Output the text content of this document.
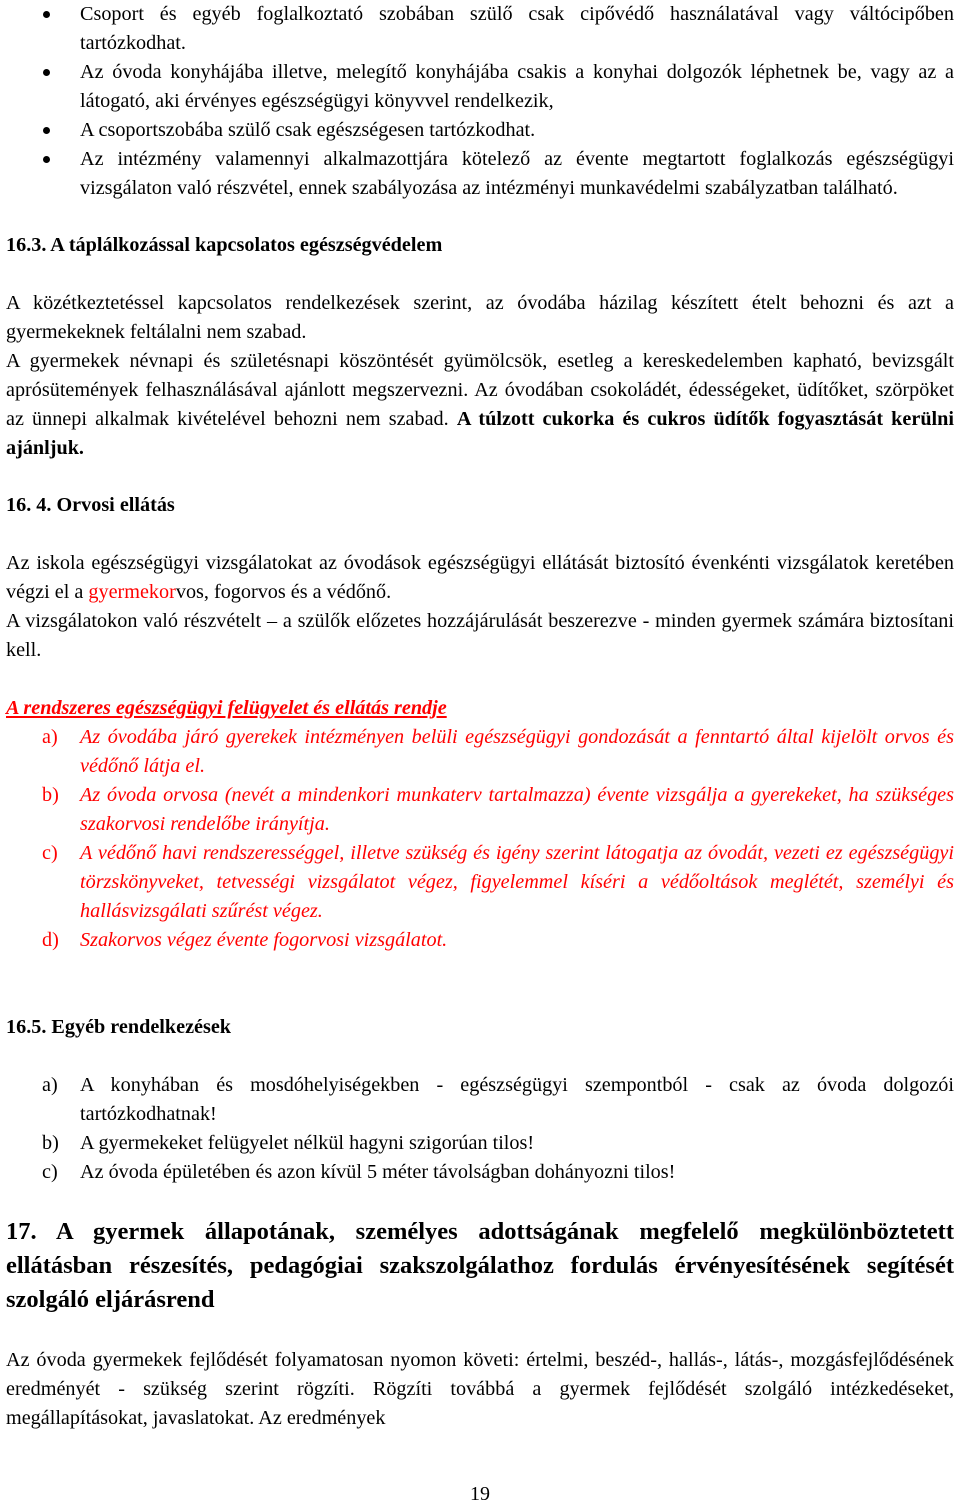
Csoport és egyéb foglalkoztató szobában szülő csak cipővédő használatával vagy váltócipőben tartózkodhat.
Az óvoda konyhájába illetve, melegítő konyhájába csakis a konyhai dolgozók léphetnek be, vagy az a látogató, aki érvényes egészségügyi könyvvel rendelkezik,
A csoportszobába szülő csak egészségesen tartózkodhat.
Az intézmény valamennyi alkalmazottjára kötelező az évente megtartott foglalkozás egészségügyi vizsgálaton való részvétel, ennek szabályozása az intézményi munkavédelmi szabályzatban található.

16.3. A táplálkozással kapcsolatos egészségvédelem

A közétkeztetéssel kapcsolatos rendelkezések szerint, az óvodába házilag készített ételt behozni és azt a gyermekeknek feltálalni nem szabad.

A gyermekek névnapi és születésnapi köszöntését gyümölcsök, esetleg a kereskedelemben kapható, bevizsgált aprósütemények felhasználásával ajánlott megszervezni. Az óvodában csokoládét, édességeket, üdítőket, szörpöket az ünnepi alkalmak kivételével behozni nem szabad. A túlzott cukorka és cukros üdítők fogyasztását kerülni ajánljuk.

16. 4. Orvosi ellátás

Az iskola egészségügyi vizsgálatokat az óvodások egészségügyi ellátását biztosító évenkénti vizsgálatok keretében végzi el a gyermekorvos, fogorvos és a védőnő.

A vizsgálatokon való részvételt – a szülők előzetes hozzájárulását beszerezve - minden gyermek számára biztosítani kell.

A rendszeres egészségügyi felügyelet és ellátás rendje

a) Az óvodába járó gyerekek intézményen belüli egészségügyi gondozását a fenntartó által kijelölt orvos és védőnő látja el.
b) Az óvoda orvosa (nevét a mindenkori munkaterv tartalmazza) évente vizsgálja a gyerekeket, ha szükséges szakorvosi rendelőbe irányítja.
c) A védőnő havi rendszerességgel, illetve szükség és igény szerint látogatja az óvodát, vezeti ez egészségügyi törzskönyveket, tetvességi vizsgálatot végez, figyelemmel kíséri a védőoltások meglétét, személyi és hallásvizsgálati szűrést végez.
d) Szakorvos végez évente fogorvosi vizsgálatot.

16.5. Egyéb rendelkezések

a) A konyhában és mosdóhelyiségekben - egészségügyi szempontból - csak az óvoda dolgozói tartózkodhatnak!
b) A gyermekeket felügyelet nélkül hagyni szigorúan tilos!
c) Az óvoda épületében és azon kívül 5 méter távolságban dohányozni tilos!

17. A gyermek állapotának, személyes adottságának megfelelő megkülönböztetett ellátásban részesítés, pedagógiai szakszolgálathoz fordulás érvényesítésének segítését szolgáló eljárásrend

Az óvoda gyermekek fejlődését folyamatosan nyomon követi: értelmi, beszéd-, hallás-, látás-, mozgásfejlődésének eredményét - szükség szerint rögzíti. Rögzíti továbbá a gyermek fejlődését szolgáló intézkedéseket, megállapításokat, javaslatokat. Az eredmények

19
